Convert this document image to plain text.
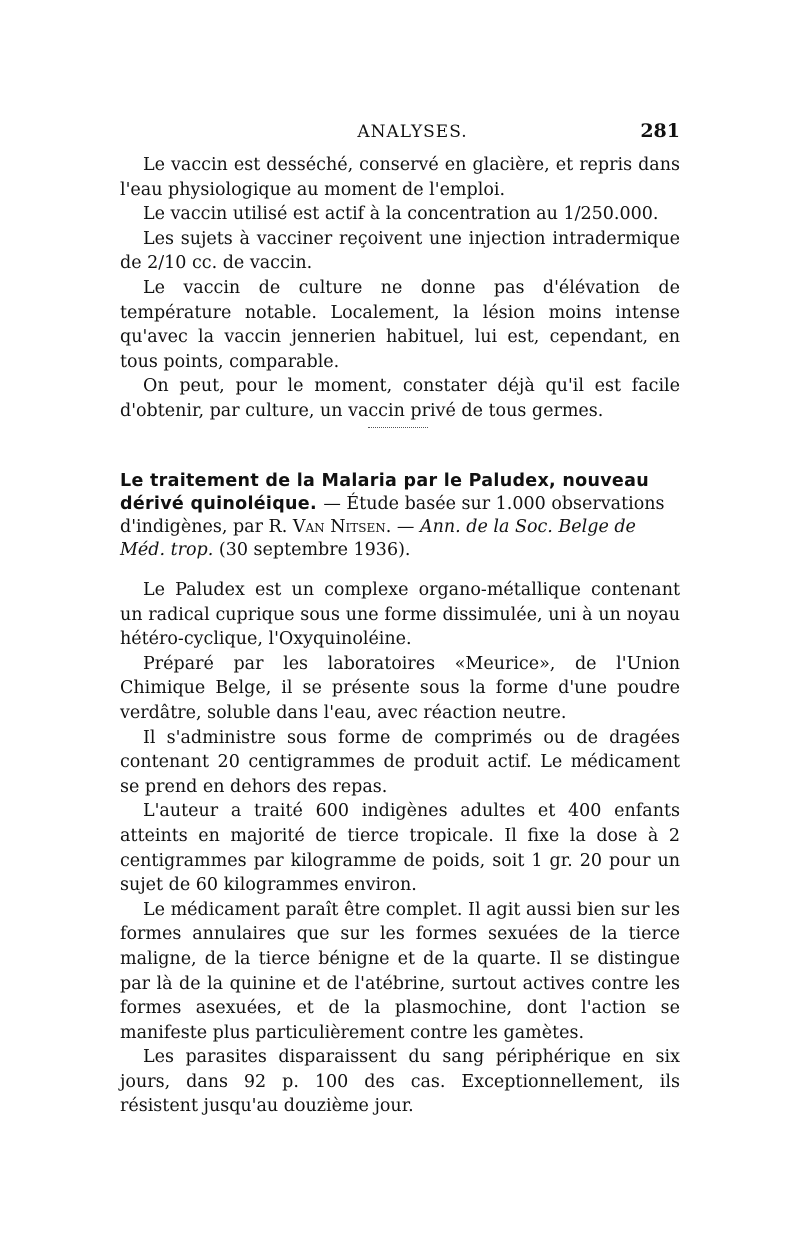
ANALYSES.	281

Le vaccin est desséché, conservé en glacière, et repris dans l'eau physiologique au moment de l'emploi.

Le vaccin utilisé est actif à la concentration au 1/250.000.

Les sujets à vacciner reçoivent une injection intradermique de 2/10 cc. de vaccin.

Le vaccin de culture ne donne pas d'élévation de température notable. Localement, la lésion moins intense qu'avec la vaccin jennerien habituel, lui est, cependant, en tous points, comparable.

On peut, pour le moment, constater déjà qu'il est facile d'obtenir, par culture, un vaccin privé de tous germes.

Le traitement de la Malaria par le Paludex, nouveau dérivé quinoléique. — Étude basée sur 1.000 observations d'indigènes, par R. Van Nitsen. — Ann. de la Soc. Belge de Méd. trop. (30 septembre 1936).

Le Paludex est un complexe organo-métallique contenant un radical cuprique sous une forme dissimulée, uni à un noyau hétéro-cyclique, l'Oxyquinoléine.

Préparé par les laboratoires «Meurice», de l'Union Chimique Belge, il se présente sous la forme d'une poudre verdâtre, soluble dans l'eau, avec réaction neutre.

Il s'administre sous forme de comprimés ou de dragées contenant 20 centigrammes de produit actif. Le médicament se prend en dehors des repas.

L'auteur a traité 600 indigènes adultes et 400 enfants atteints en majorité de tierce tropicale. Il fixe la dose à 2 centigrammes par kilogramme de poids, soit 1 gr. 20 pour un sujet de 60 kilogrammes environ.

Le médicament paraît être complet. Il agit aussi bien sur les formes annulaires que sur les formes sexuées de la tierce maligne, de la tierce bénigne et de la quarte. Il se distingue par là de la quinine et de l'atébrine, surtout actives contre les formes asexuées, et de la plasmochine, dont l'action se manifeste plus particulièrement contre les gamètes.

Les parasites disparaissent du sang périphérique en six jours, dans 92 p. 100 des cas. Exceptionnellement, ils résistent jusqu'au douzième jour.
